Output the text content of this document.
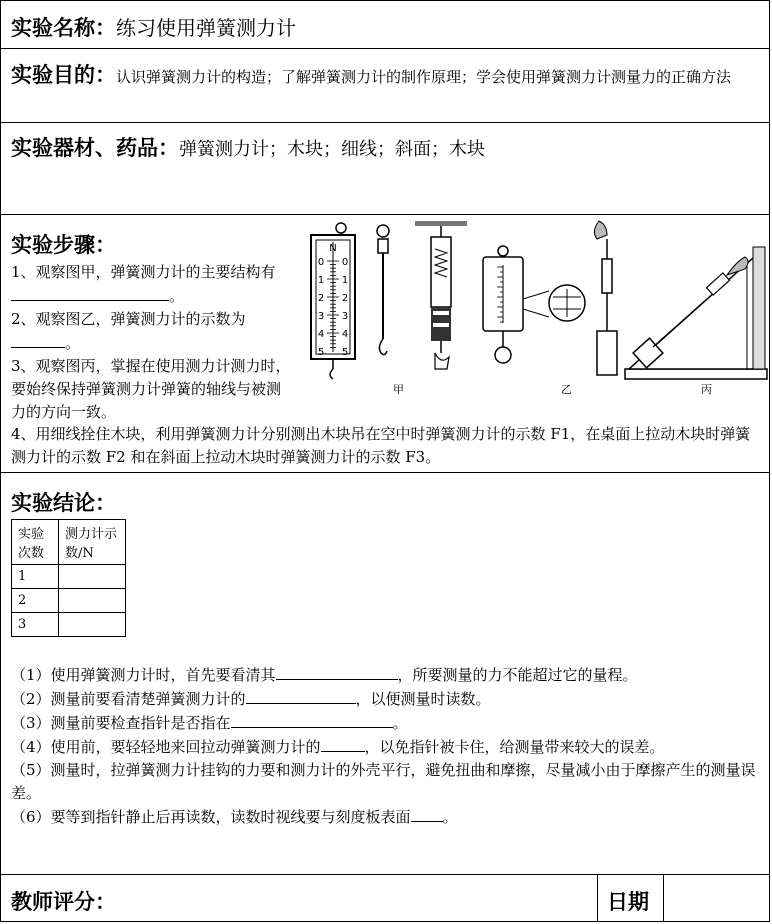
实验名称：练习使用弹簧测力计
实验目的：认识弹簧测力计的构造；了解弹簧测力计的制作原理；学会使用弹簧测力计测量力的正确方法
实验器材、药品：弹簧测力计；木块；细线；斜面；木块
实验步骤：
1、观察图甲，弹簧测力计的主要结构有。
2、观察图乙，弹簧测力计的示数为。
3、观察图丙，掌握在使用测力计测力时，要始终保持弹簧测力计弹簧的轴线与被测力的方向一致。
4、用细线拴住木块，利用弹簧测力计分别测出木块吊在空中时弹簧测力计的示数 F1，在桌面上拉动木块时弹簧测力计的示数 F2 和在斜面上拉动木块时弹簧测力计的示数 F3。
N
0 0
1 1
2 2
3 3
4 4
5 5
甲	乙	丙
实验结论：
实验次数	测力计示数/N
1	
2	
3	
（1）使用弹簧测力计时，首先要看清其	，所要测量的力不能超过它的量程。
（2）测量前要看清楚弹簧测力计的	，以便测量时读数。
（3）测量前要检查指针是否指在	。
（4）使用前，要轻轻地来回拉动弹簧测力计的	，以免指针被卡住，给测量带来较大的误差。
（5）测量时，拉弹簧测力计挂钩的力要和测力计的外壳平行，避免扭曲和摩擦，尽量减小由于摩擦产生的测量误差。
（6）要等到指针静止后再读数，读数时视线要与刻度板表面 。
教师评分：	日期
